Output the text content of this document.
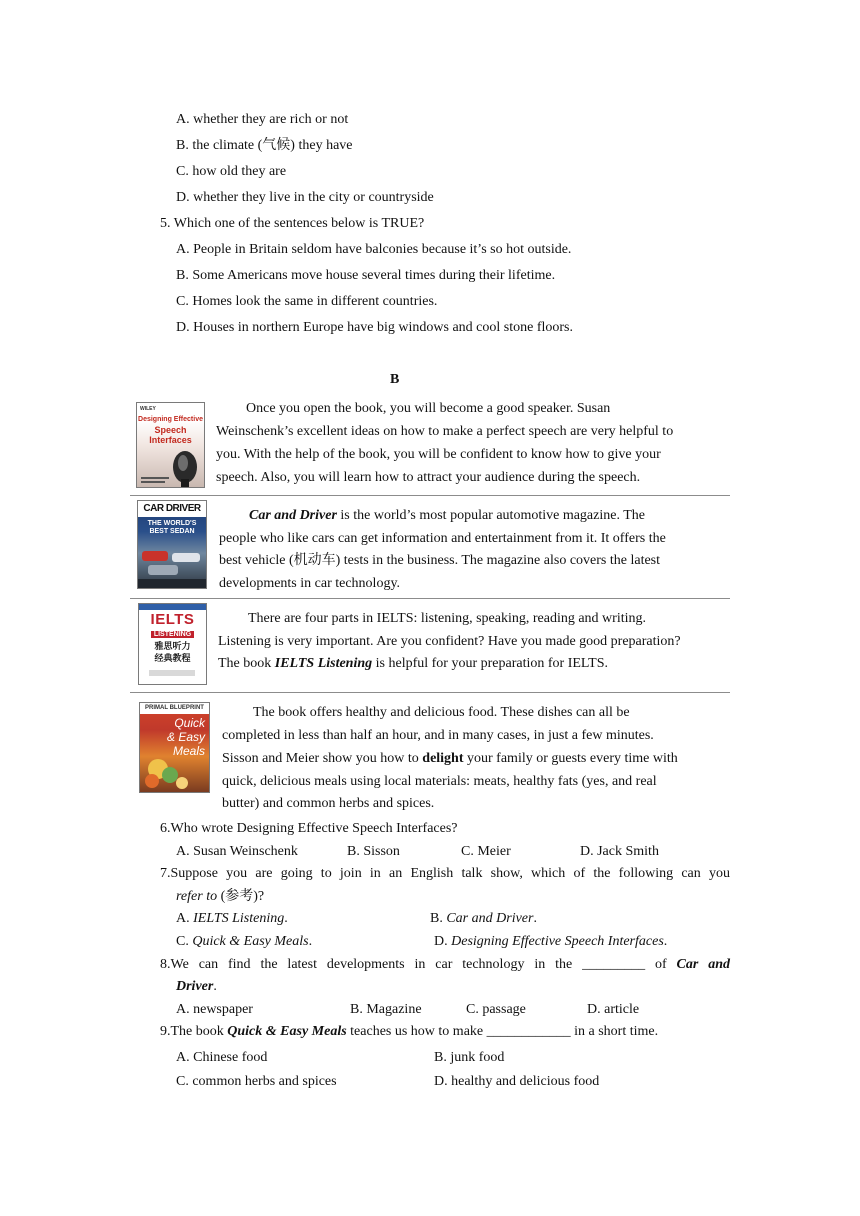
A. whether they are rich or not
B. the climate (气候) they have
C. how old they are
D. whether they live in the city or countryside
5. Which one of the sentences below is TRUE?
A. People in Britain seldom have balconies because it’s so hot outside.
B. Some Americans move house several times during their lifetime.
C. Homes look the same in different countries.
D. Houses in northern Europe have big windows and cool stone floors.
B
WILEY
Designing Effective
Speech
Interfaces
Once you open the book, you will become a good speaker. Susan
Weinschenk’s excellent ideas on how to make a perfect speech are very helpful to
you. With the help of the book, you will be confident to know how to give your
speech. Also, you will learn how to attract your audience during the speech.
CAR DRIVER
THE WORLD'S
BEST SEDAN
Car and Driver is the world’s most popular automotive magazine. The
people who like cars can get information and entertainment from it. It offers the
best vehicle (机动车) tests in the business. The magazine also covers the latest
developments in car technology.
IELTS
LISTENING
雅思听力
经典教程
There are four parts in IELTS: listening, speaking, reading and writing.
Listening is very important. Are you confident? Have you made good preparation?
The book IELTS Listening is helpful for your preparation for IELTS.
PRIMAL BLUEPRINT
Quick
& Easy
Meals
The book offers healthy and delicious food. These dishes can all be
completed in less than half an hour, and in many cases, in just a few minutes.
Sisson and Meier show you how to delight your family or guests every time with
quick, delicious meals using local materials: meats, healthy fats (yes, and real
butter) and common herbs and spices.
6.Who wrote Designing Effective Speech Interfaces?
A. Susan Weinschenk	B. Sisson	C. Meier	D. Jack Smith
7.Suppose you are going to join in an English talk show, which of the following can you
refer to (参考)?
A. IELTS Listening.	B. Car and Driver.
C. Quick & Easy Meals.	D. Designing Effective Speech Interfaces.
8.We can find the latest developments in car technology in the _________ of Car and
Driver.
A. newspaper	B. Magazine	C. passage	D. article
9.The book Quick & Easy Meals teaches us how to make ____________ in a short time.
A. Chinese food	B. junk food
C. common herbs and spices	D. healthy and delicious food
